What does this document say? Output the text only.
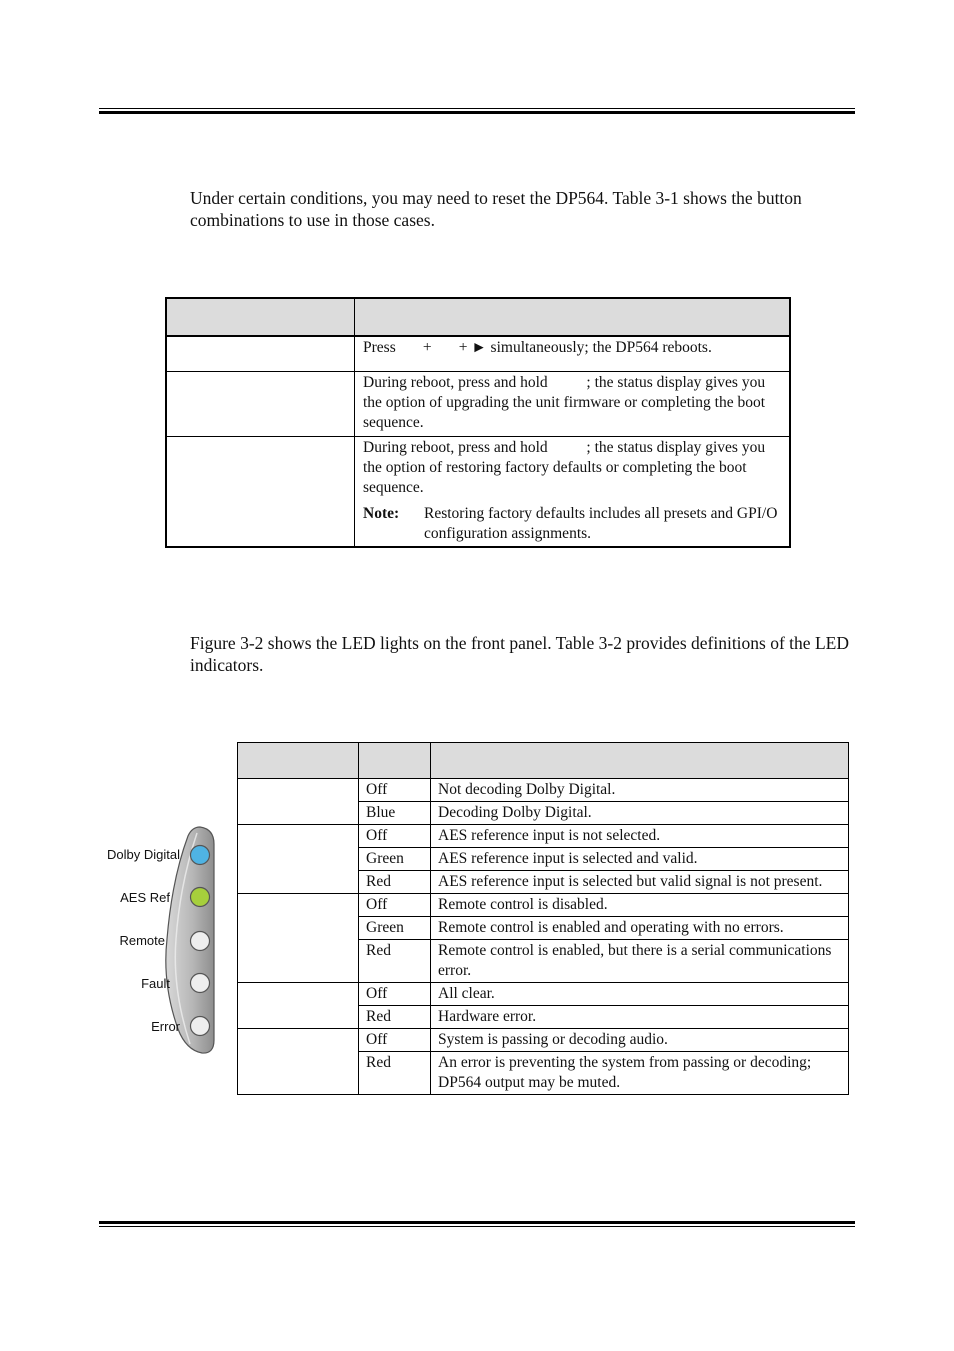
Under certain conditions, you may need to reset the DP564. Table 3-1 shows the button combinations to use in those cases.

	Press       +       + ► simultaneously; the DP564 reboots.
	During reboot, press and hold          ; the status display gives you the option of upgrading the unit firmware or completing the boot sequence.

	During reboot, press and hold          ; the status display gives you the option of restoring factory defaults or completing the boot sequence.
Note: Restoring factory defaults includes all presets and GPI/O configuration assignments.

Figure 3-2 shows the LED lights on the front panel. Table 3-2 provides definitions of the LED indicators.

Dolby Digital
AES Ref
Remote
Fault
Error

	Off	Not decoding Dolby Digital.
	Blue	Decoding Dolby Digital.
	Off	AES reference input is not selected.
	Green	AES reference input is selected and valid.
	Red	AES reference input is selected but valid signal is not present.
	Off	Remote control is disabled.
	Green	Remote control is enabled and operating with no errors.
	Red	Remote control is enabled, but there is a serial communications error.
	Off	All clear.
	Red	Hardware error.
	Off	System is passing or decoding audio.
	Red	An error is preventing the system from passing or decoding; DP564 output may be muted.
